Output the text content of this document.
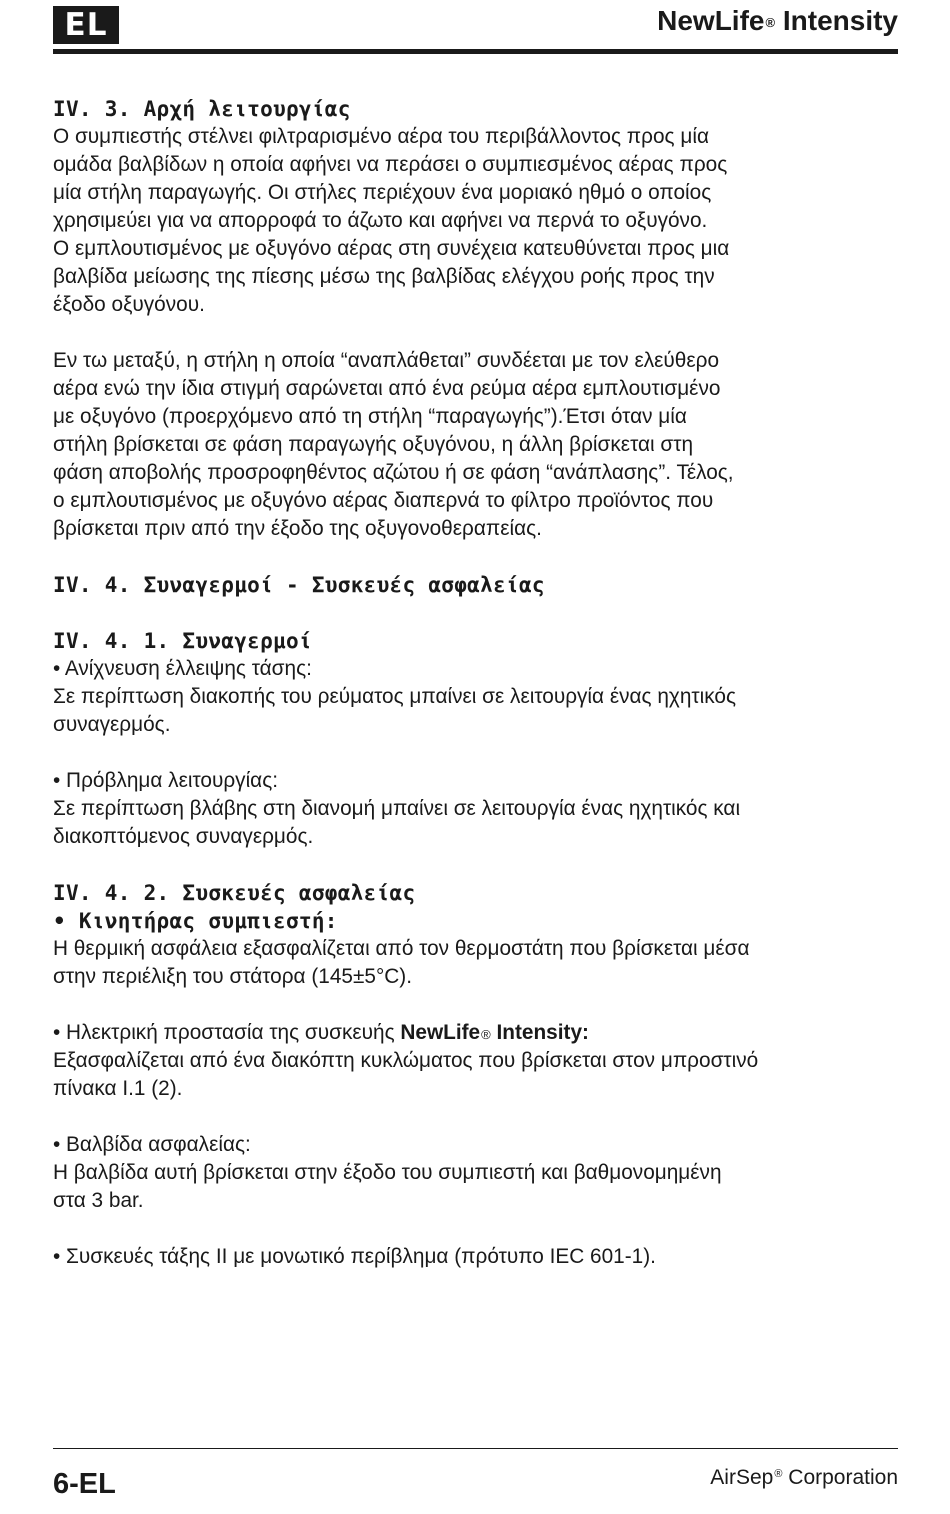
EL	NewLife® Intensity

IV. 3. Αρχή λειτουργίας

Ο συμπιεστής στέλνει φιλτραρισμένο αέρα του περιβάλλοντος προς μία

ομάδα βαλβίδων η οποία αφήνει να περάσει ο συμπιεσμένος αέρας προς

μία στήλη παραγωγής. Οι στήλες περιέχουν ένα μοριακό ηθμό ο οποίος

χρησιμεύει για να απορροφά το άζωτο και αφήνει να περνά το οξυγόνο.

Ο εμπλουτισμένος με οξυγόνο αέρας στη συνέχεια κατευθύνεται προς μια

βαλβίδα μείωσης της πίεσης μέσω της βαλβίδας ελέγχου ροής προς την

έξοδο οξυγόνου.

Εν τω μεταξύ, η στήλη η οποία “αναπλάθεται” συνδέεται με τον ελεύθερο

αέρα ενώ την ίδια στιγμή σαρώνεται από ένα ρεύμα αέρα εμπλουτισμένο

με οξυγόνο (προερχόμενο από τη στήλη “παραγωγής”).Έτσι όταν μία

στήλη βρίσκεται σε φάση παραγωγής οξυγόνου, η άλλη βρίσκεται στη

φάση αποβολής προσροφηθέντος αζώτου ή σε φάση “ανάπλασης”. Τέλος,

ο εμπλουτισμένος με οξυγόνο αέρας διαπερνά το φίλτρο προϊόντος που

βρίσκεται πριν από την έξοδο της οξυγονοθεραπείας.

IV. 4. Συναγερμοί - Συσκευές ασφαλείας

IV. 4. 1. Συναγερμοί

• Ανίχνευση έλλειψης τάσης:

Σε περίπτωση διακοπής του ρεύματος μπαίνει σε λειτουργία ένας ηχητικός

συναγερμός.

• Πρόβλημα λειτουργίας:

Σε περίπτωση βλάβης στη διανομή μπαίνει σε λειτουργία ένας ηχητικός και

διακοπτόμενος συναγερμός.

IV. 4. 2. Συσκευές ασφαλείας

• Κινητήρας συμπιεστή:

Η θερμική ασφάλεια εξασφαλίζεται από τον θερμοστάτη που βρίσκεται μέσα

στην περιέλιξη του στάτορα (145±5°C).

• Ηλεκτρική προστασία της συσκευής NewLife® Intensity:

Εξασφαλίζεται από ένα διακόπτη κυκλώματος που βρίσκεται στον μπροστινό

πίνακα I.1 (2).

• Βαλβίδα ασφαλείας:

Η βαλβίδα αυτή βρίσκεται στην έξοδο του συμπιεστή και βαθμονομημένη

στα 3 bar.

• Συσκευές τάξης II με μονωτικό περίβλημα (πρότυπο IEC 601-1).

6-EL	AirSep® Corporation
